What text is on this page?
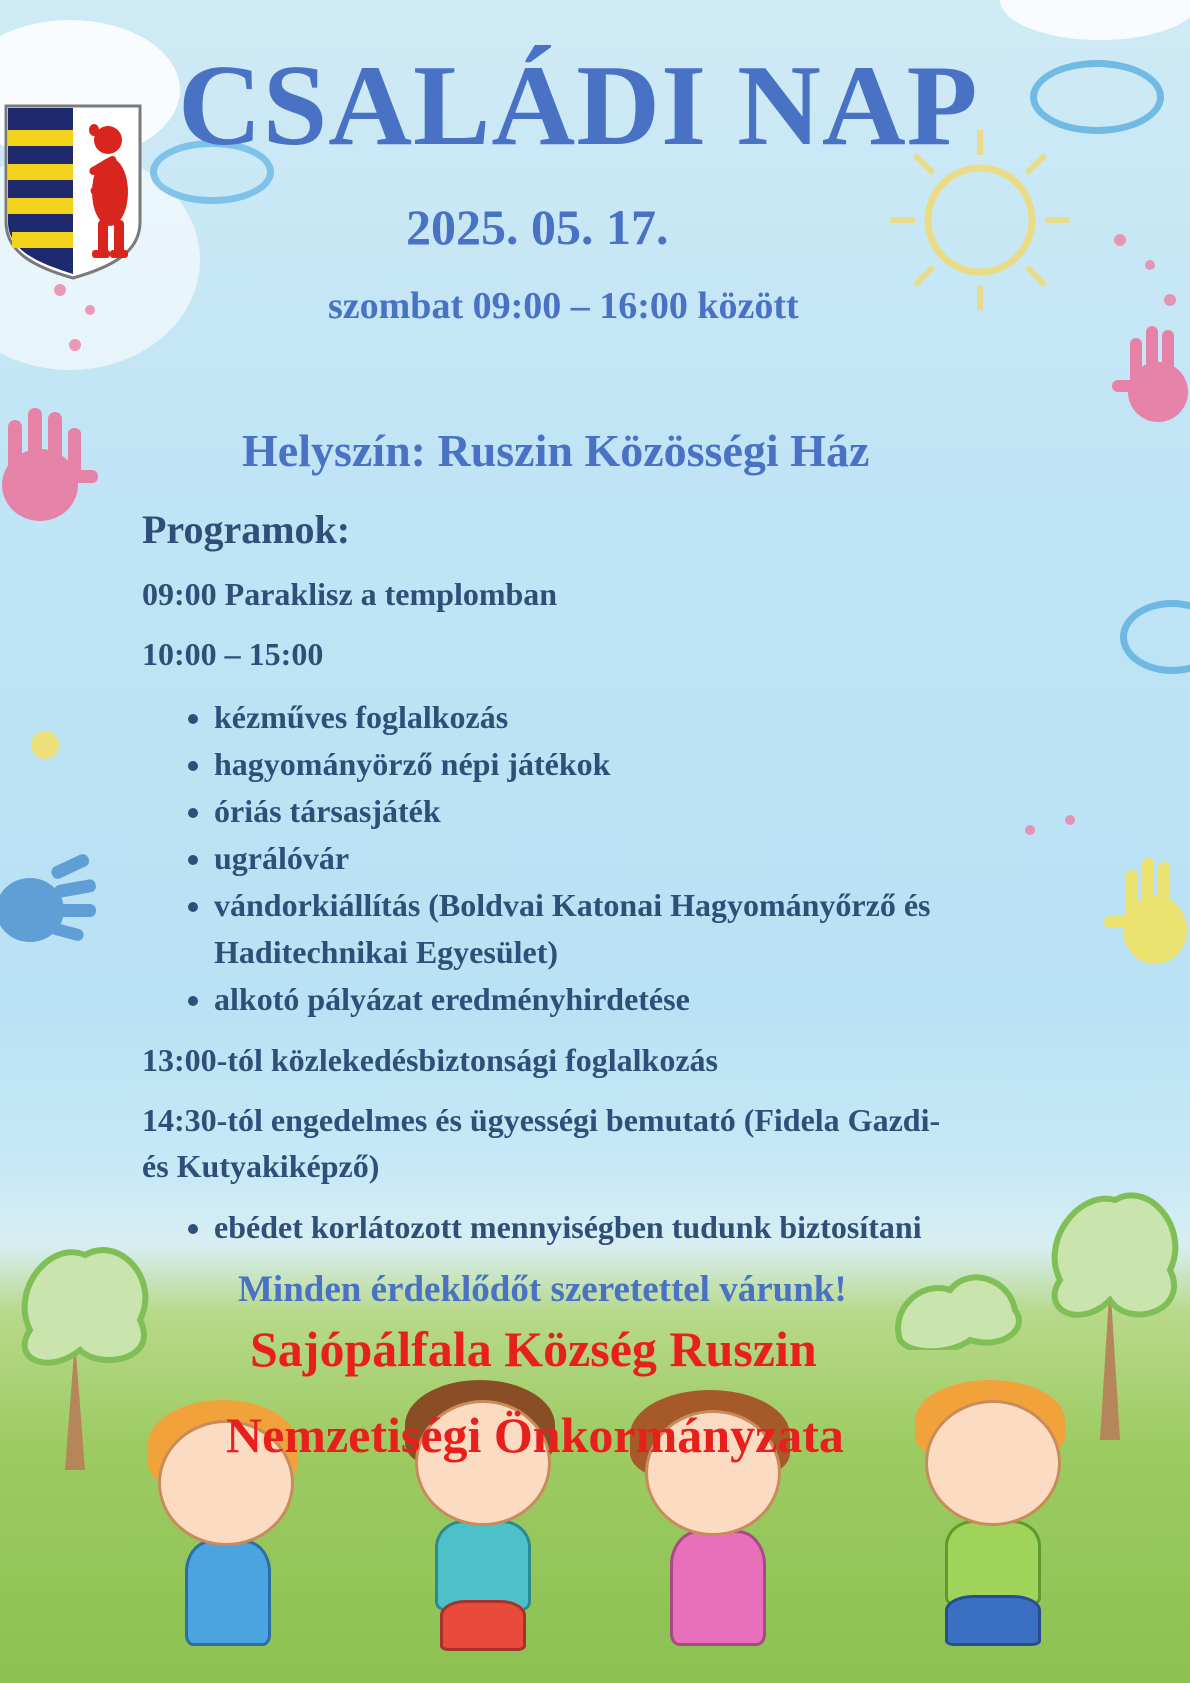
CSALÁDI NAP
2025. 05. 17.
szombat 09:00 – 16:00 között
Helyszín: Ruszin Közösségi Ház
Programok:
09:00 Paraklisz a templomban
10:00 – 15:00
• kézműves foglalkozás
• hagyományörző népi játékok
• óriás társasjáték
• ugrálóvár
• vándorkiállítás (Boldvai Katonai Hagyományőrző és
Haditechnikai Egyesület)
• alkotó pályázat eredményhirdetése
13:00-tól közlekedésbiztonsági foglalkozás
14:30-tól engedelmes és ügyességi bemutató (Fidela Gazdi-
és Kutyakiképző)
• ebédet korlátozott mennyiségben tudunk biztosítani
Minden érdeklődőt szeretettel várunk!
Sajópálfala Község Ruszin
Nemzetiségi Önkormányzata
